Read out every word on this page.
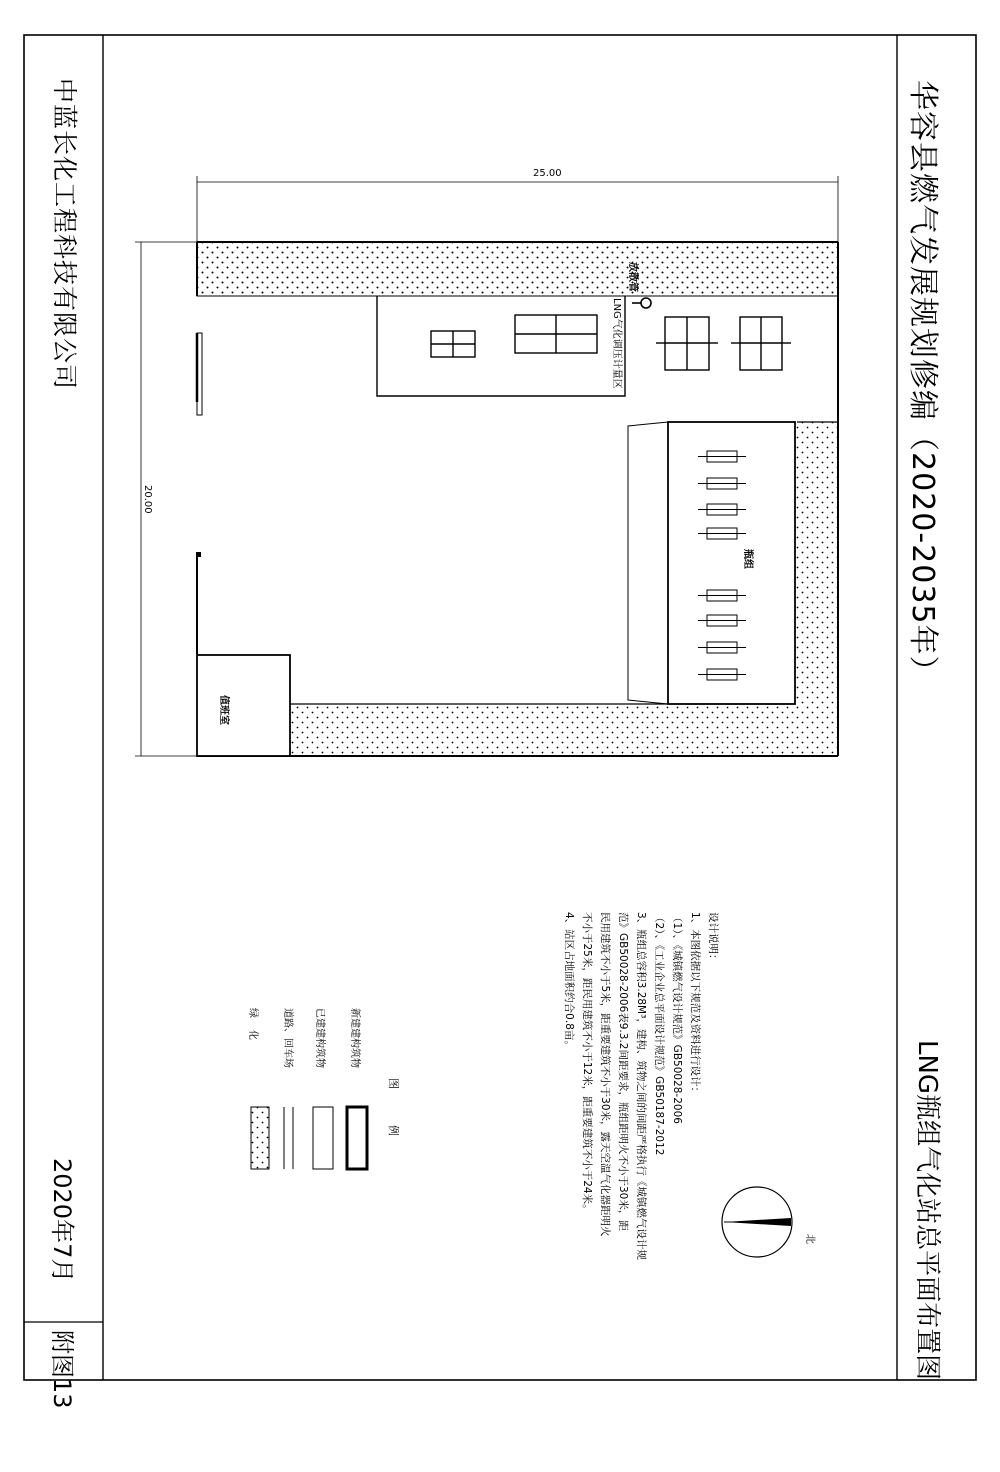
华容县燃气发展规划修编（2020-2035年）
LNG瓶组气化站总平面布置图
中蓝长化工程科技有限公司
2020年7月
附图13
25.00
20.00
放散管
LNG气化调压计量区
瓶组
值班室
北
设计说明：
1、本图依据以下规范及资料进行设计：
（1）、《城镇燃气设计规范》GB50028-2006
（2）、《工业企业总平面设计规范》GB50187-2012
3、瓶组总容积3.28M³，建构、筑物之间的间距严格执行《城镇燃气设计规
范》GB50028-2006表9.3.2间距要求，瓶组距明火不小于30米，距
民用建筑不小于5米，距重要建筑不小于30米，露天空温气化器距明火
不小于25米，距民用建筑不小于12米，距重要建筑不小于24米。
4、站区占地面积约合0.8亩。
图例
新建建构筑物
已建建构筑物
道路、回车场
绿化
